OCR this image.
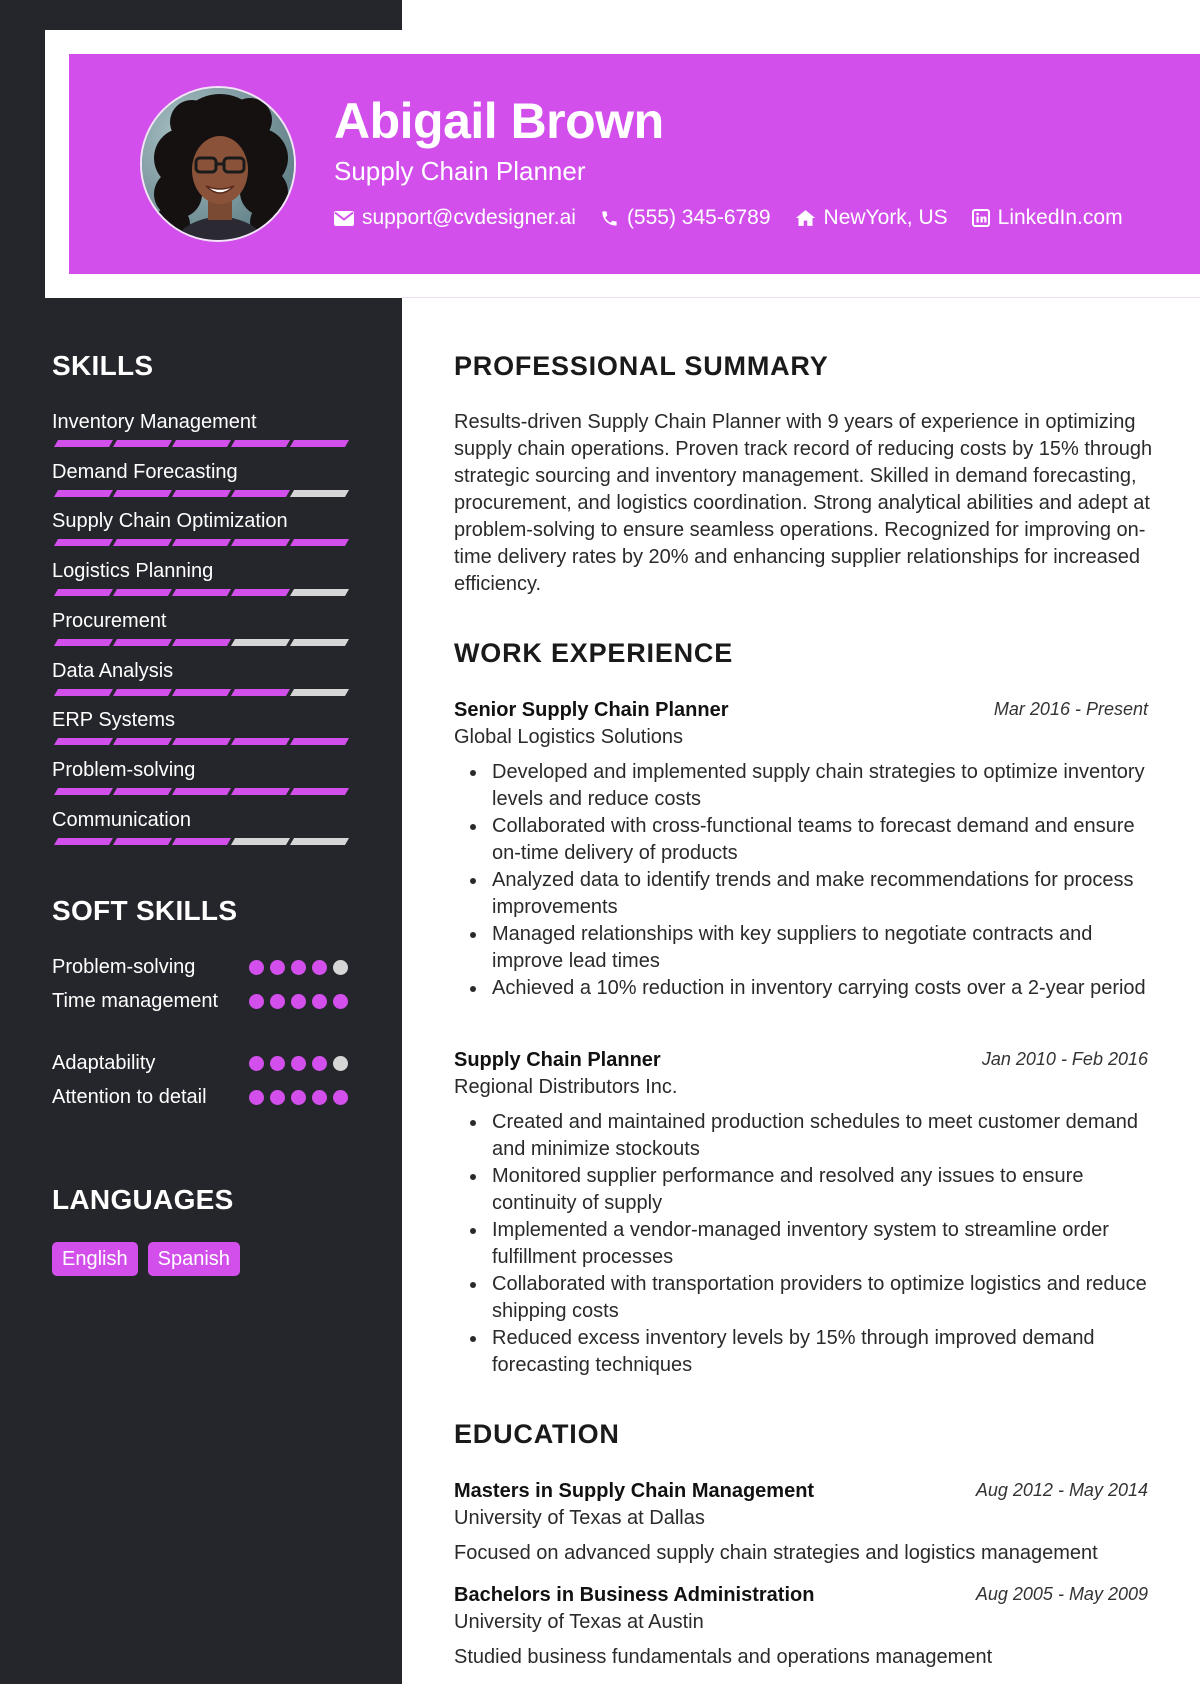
Abigail Brown
Supply Chain Planner
support@cvdesigner.ai (555) 345-6789	NewYork, US LinkedIn.com
SKILLS
Inventory Management
Demand Forecasting
Supply Chain Optimization
Logistics Planning
Procurement
Data Analysis
ERP Systems
Problem-solving
Communication
SOFT SKILLS
Problem-solving
Time management
Adaptability
Attention to detail
LANGUAGES
English	Spanish
PROFESSIONAL SUMMARY
Results-driven Supply Chain Planner with 9 years of experience in optimizing supply chain operations. Proven track record of reducing costs by 15% through strategic sourcing and inventory management. Skilled in demand forecasting, procurement, and logistics coordination. Strong analytical abilities and adept at problem-solving to ensure seamless operations. Recognized for improving on-time delivery rates by 20% and enhancing supplier relationships for increased efficiency.
WORK EXPERIENCE
Senior Supply Chain Planner	Mar 2016 - Present
Global Logistics Solutions
Developed and implemented supply chain strategies to optimize inventory levels and reduce costs
Collaborated with cross-functional teams to forecast demand and ensure on-time delivery of products
Analyzed data to identify trends and make recommendations for process improvements
Managed relationships with key suppliers to negotiate contracts and improve lead times
Achieved a 10% reduction in inventory carrying costs over a 2-year period
Supply Chain Planner	Jan 2010 - Feb 2016
Regional Distributors Inc.
Created and maintained production schedules to meet customer demand and minimize stockouts
Monitored supplier performance and resolved any issues to ensure continuity of supply
Implemented a vendor-managed inventory system to streamline order fulfillment processes
Collaborated with transportation providers to optimize logistics and reduce shipping costs
Reduced excess inventory levels by 15% through improved demand forecasting techniques
EDUCATION
Masters in Supply Chain Management	Aug 2012 - May 2014
University of Texas at Dallas
Focused on advanced supply chain strategies and logistics management
Bachelors in Business Administration	Aug 2005 - May 2009
University of Texas at Austin
Studied business fundamentals and operations management
